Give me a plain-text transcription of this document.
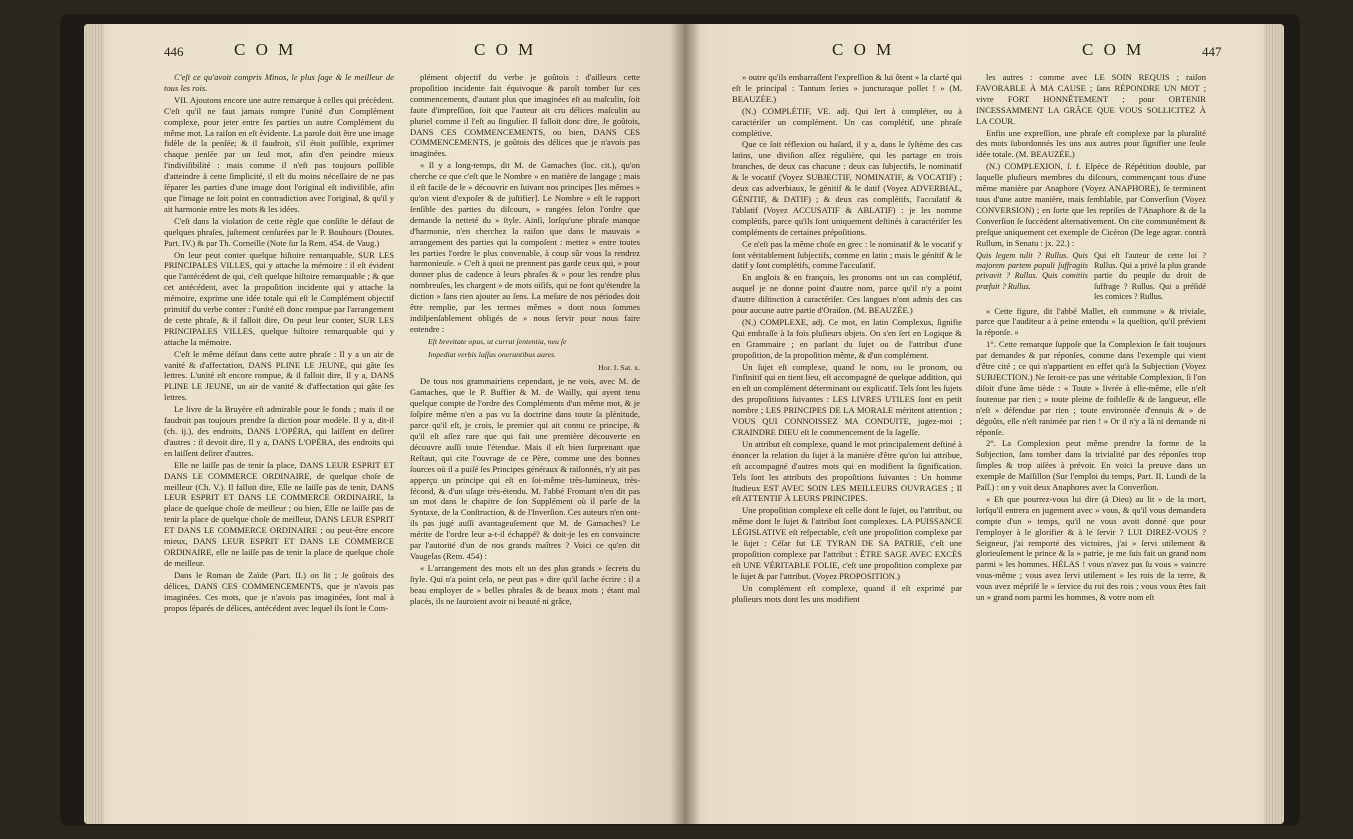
446	C O M	C O M

C'eſt ce qu'avoit compris Minos, le plus ſage & le meilleur de tous les rois.

VII. Ajoutons encore une autre remarque à celles qui précèdent. C'eſt qu'il ne faut jamais rompre l'unité d'un Complément complexe, pour jeter entre ſes parties un autre Complément du même mot. La raiſon en eſt évidente. La parole doit être une image fidèle de la penſée; & il faudroit, s'il étoit poſſible, exprimer chaque penſée par un ſeul mot, afin d'en peindre mieux l'indiviſibilité : mais comme il n'eſt pas toujours poſſible d'atteindre à cette ſimplicité, il eſt du moins néceſſaire de ne pas ſéparer les parties d'une image dont l'original eſt indiviſible, afin que l'image ne ſoit point en contradiction avec l'original, & qu'il y ait harmonie entre les mots & les idées.

C'eſt dans la violation de cette règle que conſiſte le défaut de quelques phraſes, juſtement cenſurées par le P. Bouhours (Doutes. Part. IV.) & par Th. Corneille (Note ſur la Rem. 454. de Vaug.)

On leur peut conter quelque hiſtoire remarquable, SUR LES PRINCIPALES VILLES, qui y attache la mémoire : il eſt évident que l'antécédent de qui, c'eſt quelque hiſtoire remarquable ; & que cet antécédent, avec la propoſition incidente qui y attache la mémoire, exprime une idée totale qui eſt le Complément objectif primitif du verbe conter : l'unité eſt donc rompue par l'arrangement de cette phraſe, & il falloit dire, On peut leur conter, SUR LES PRINCIPALES VILLES, quelque hiſtoire remarquable qui y attache la mémoire.

C'eſt le même défaut dans cette autre phraſe : Il y a un air de vanité & d'affectation, DANS PLINE LE JEUNE, qui gâte ſes lettres. L'unité eſt encore rompue, & il falloit dire, Il y a, DANS PLINE LE JEUNE, un air de vanité & d'affectation qui gâte ſes lettres.

Le livre de la Bruyère eſt admirable pour le fonds ; mais il ne faudroit pas toujours prendre ſa diction pour modèle. Il y a, dit-il (ch. ij.), des endroits, DANS L'OPÉRA, qui laiſſent en deſirer d'autres : il devoit dire, Il y a, DANS L'OPÉRA, des endroits qui en laiſſent deſirer d'autres.

Elle ne laiſſe pas de tenir ſa place, DANS LEUR ESPRIT ET DANS LE COMMERCE ORDINAIRE, de quelque choſe de meilleur (Ch. V.). Il falloit dire, Elle ne laiſſe pas de tenir, DANS LEUR ESPRIT ET DANS LE COMMERCE ORDINAIRE, la place de quelque choſe de meilleur ; ou bien, Elle ne laiſſe pas de tenir la place de quelque choſe de meilleur, DANS LEUR ESPRIT ET DANS LE COMMERCE ORDINAIRE ; ou peut-être encore mieux, DANS LEUR ESPRIT ET DANS LE COMMERCE ORDINAIRE, elle ne laiſſe pas de tenir la place de quelque choſe de meilleur.

Dans le Roman de Zaïde (Part. II.) on lit ; Je goûtois des délices, DANS CES COMMENCEMENTS, que je n'avois pas imaginées. Ces mots, que je n'avois pas imaginées, ſont mal à propos ſéparés de délices, antécédent avec lequel ils ſont le Com-

plément objectif du verbe je goûtois : d'ailleurs cette propoſition incidente fait équivoque & paroît tomber ſur ces commencements, d'autant plus que imaginées eſt au maſculin, ſoit faute d'impreſſion, ſoit que l'auteur ait cru délices maſculin au pluriel comme il l'eſt au ſingulier. Il falloit donc dire, Je goûtois, DANS CES COMMENCEMENTS, ou bien, DANS CES COMMENCEMENTS, je goûtois des délices que je n'avois pas imaginées.

« Il y a long-temps, dit M. de Gamaches (loc. cit.), qu'on cherche ce que c'eſt que le Nombre » en matière de langage ; mais il eſt facile de le » découvrir en ſuivant nos principes [les mêmes » qu'on vient d'expoſer & de juſtifier]. Le Nombre » eſt le rapport ſenſible des parties du diſcours, » rangées ſelon l'ordre que demande la netteté du » ſtyle. Ainſi, lorſqu'une phraſe manque d'harmonie, n'en cherchez la raiſon que dans le mauvais » arrangement des parties qui la compoſent : mettez » entre toutes les parties l'ordre le plus convenable, à coup sûr vous la rendrez harmonieuſe. » C'eſt à quoi ne prennent pas garde ceux qui, » pour donner plus de cadence à leurs phraſes & » pour les rendre plus nombreuſes, les chargent » de mots oiſifs, qui ne font qu'étendre la diction » ſans rien ajouter au ſens. La meſure de nos périodes doit être remplie, par les termes mêmes » dont nous ſommes indiſpenſablement obligés de » nous ſervir pour nous faire entendre :

Eſt brevitate opus, ut currat ſententia, neu ſe

Impediat verbis laſſas onerantibus aures.

Hor. I. Sat. x.

De tous nos grammairiens cependant, je ne vois, avec M. de Gamaches, que le P. Buffier & M. de Wailly, qui ayent tenu quelque compte de l'ordre des Compléments d'un même mot, & je ſoſpire même n'en a pas vu la doctrine dans toute ſa plénitude, parce qu'il eſt, je crois, le premier qui ait connu ce principe, & qu'il eſt aſſez rare que qui fait une première découverte en découvre auſſi toute l'étendue. Mais il eſt bien ſurprenant que Reſtaut, qui cite l'ouvrage de ce Père, comme une des bonnes ſources où il a puiſé ſes Principes généraux & raiſonnés, n'y ait pas apperçu un principe qui eſt en ſoi-même très-lumineux, très-fécond, & d'un uſage très-étendu. M. l'abbé Fromant n'en dit pas un mot dans le chapitre de ſon Supplément où il parle de la Syntaxe, de la Conſtruction, & de l'Inverſion. Ces auteurs n'en ont-ils pas jugé auſſi avantageuſement que M. de Gamaches? Le mérite de l'ordre leur a-t-il échappé? & doit-je les en convaincre par l'autorité d'un de nos grands maîtres ? Voici ce qu'en dit Vaugelas (Rem. 454) :

« L'arrangement des mots eſt un des plus grands » ſecrets du ſtyle. Qui n'a point cela, ne peut pas » dire qu'il ſache écrire : il a beau employer de » belles phraſes & de beaux mots ; étant mal placés, ils ne ſauroient avoir ni beauté ni grâce,

C O M	C O M	447

» outre qu'ils embarraſſent l'expreſſion & lui ôtent » la clarté qui eſt le principal : Tantum ſeries » juncturaque pollet ! » (M. BEAUZÉE.)

(N.) COMPLÉTIF, VE. adj. Qui ſert à compléter, ou à caractériſer un complément. Un cas complétif, une phraſe complétive.

Que ce ſoit réflexion ou haſard, il y a, dans le ſyſtème des cas latins, une diviſion aſſez régulière, qui les partage en trois branches, de deux cas chacune : deux cas ſubjectifs, le nominatif & le vocatif (Voyez SUBJECTIF, NOMINATIF, & VOCATIF) ; deux cas adverbiaux, le génitif & le datif (Voyez ADVERBIAL, GÉNITIF, & DATIF) ; & deux cas complétifs, l'accuſatif & l'ablatif (Voyez ACCUSATIF & ABLATIF) : je les nomme complétifs, parce qu'ils ſont uniquement deſtinés à caractériſer les compléments de certaines prépoſitions.

Ce n'eſt pas la même choſe en grec : le nominatif & le vocatif y ſont véritablement ſubjectifs, comme en latin ; mais le génitif & le datif y ſont complétifs, comme l'accuſatif.

En anglois & en françois, les pronoms ont un cas complétif, auquel je ne donne point d'autre nom, parce qu'il n'y a point d'autre diſtinction à caractériſer. Ces langues n'ont admis des cas pour aucune autre partie d'Oraiſon. (M. BEAUZÉE.)

(N.) COMPLEXE, adj. Ce mot, en latin Complexus, ſignifie Qui embraſſe à la fois pluſieurs objets. On s'en ſert en Logique & en Grammaire ; en parlant du ſujet ou de l'attribut d'une propoſition, de la propoſition même, & d'un complément.

Un ſujet eſt complexe, quand le nom, ou le pronom, ou l'infinitif qui en tient lieu, eſt accompagné de quelque addition, qui en eſt un complément déterminant ou explicatif. Tels ſont les ſujets des propoſitions ſuivantes : LES LIVRES UTILES ſont en petit nombre ; LES PRINCIPES DE LA MORALE méritent attention ; VOUS QUI CONNOISSEZ MA CONDUITE, jugez-moi ; CRAINDRE DIEU eſt le commencement de la ſageſſe.

Un attribut eſt complexe, quand le mot principalement deſtiné à énoncer la relation du ſujet à la manière d'être qu'on lui attribue, eſt accompagné d'autres mots qui en modifient la ſignification. Tels ſont les attributs des propoſitions ſuivantes : Un homme ſtudieux EST AVEC SOIN LES MEILLEURS OUVRAGES ; Il eſt ATTENTIF À LEURS PRINCIPES.

Une propoſition complexe eſt celle dont le ſujet, ou l'attribut, ou même dont le ſujet & l'attribut ſont complexes. LA PUISSANCE LÉGISLATIVE eſt reſpectable, c'eſt une propoſition complexe par le ſujet : Céſar fut LE TYRAN DE SA PATRIE, c'eſt une propoſition complexe par l'attribut : ÊTRE SAGE AVEC EXCÈS eſt UNE VÉRITABLE FOLIE, c'eſt une propoſition complexe par le ſujet & par l'attribut. (Voyez PROPOSITION.)

Un complément eſt complexe, quand il eſt exprimé par pluſieurs mots dont les uns modifient

les autres : comme avec LE SOIN REQUIS ; raiſon FAVORABLE À MA CAUSE ; ſans RÉPONDRE UN MOT ; vivre FORT HONNÊTEMENT ; pour OBTENIR INCESSAMMENT LA GRÂCE QUE VOUS SOLLICITEZ À LA COUR.

Enfin une expreſſion, une phraſe eſt complexe par la pluralité des mots ſubordonnés les uns aux autres pour ſignifier une ſeule idée totale. (M. BEAUZÉE.)

(N.) COMPLEXION, ſ. f. Eſpèce de Répétition double, par laquelle pluſieurs membres du diſcours, commençant tous d'une même manière par Anaphore (Voyez ANAPHORE), ſe terminent tous d'une autre manière, mais ſemblable, par Converſion (Voyez CONVERSION) ; en ſorte que les repriſes de l'Anaphore & de la Converſion ſe ſuccèdent alternativement. On cite communément & preſque uniquement cet exemple de Cicéron (De lege agrar. contrà Rullum, in Senatu : jx. 22.) :

Quis legem tulit ? Rullus. Quis majorem partem populi ſuffragiis privavit ? Rullus. Quis comitiis præfuit ? Rullus.
Qui eſt l'auteur de cette loi ? Rullus. Qui a privé la plus grande partie du peuple du droit de ſuffrage ? Rullus. Qui a préſidé les comices ? Rullus.

« Cette figure, dit l'abbé Mallet, eſt commune » & triviale, parce que l'auditeur a à peine entendu » la queſtion, qu'il prévient la réponſe. »

1°. Cette remarque ſuppoſe que la Complexion ſe fait toujours par demandes & par réponſes, comme dans l'exemple qui vient d'être cité ; ce qui n'appartient en effet qu'à la Subjection (Voyez SUBJECTION.) Ne ſeroit-ce pas une véritable Complexion, ſi l'on diſoit d'une âme tiède : « Toute » livrée à elle-même, elle n'eſt ſoutenue par rien ; » toute pleine de foibleſſe & de langueur, elle n'eſt » défendue par rien ; toute environnée d'ennuis & » de dégoûts, elle n'eſt ranimée par rien ! » Or il n'y a là ni demande ni réponſe.

2°. La Complexion peut même prendre la forme de la Subjection, ſans tomber dans la trivialité par des réponſes trop ſimples & trop aiſées à prévoir. En voici la preuve dans un exemple de Maſſillon (Sur l'emploi du temps, Part. II. Lundi de la Paſſ.) : on y voit deux Anaphores avec la Converſion.

« Eh que pourrez-vous lui dire (à Dieu) au lit » de la mort, lorſqu'il entrera en jugement avec » vous, & qu'il vous demandera compte d'un » temps, qu'il ne vous avoit donné que pour l'employer à le glorifier & à le ſervir ? LUI DIREZ-VOUS ? Seigneur, j'ai remporté des victoires, j'ai » ſervi utilement & glorieuſement le prince & la » patrie, je me ſuis fait un grand nom parmi » les hommes. HÉLAS ! vous n'avez pas ſu vous » vaincre vous-même ; vous avez ſervi utilement » les rois de la terre, & vous avez mépriſé le » ſervice du roi des rois ; vous vous êtes fait un » grand nom parmi les hommes, & votre nom eſt
